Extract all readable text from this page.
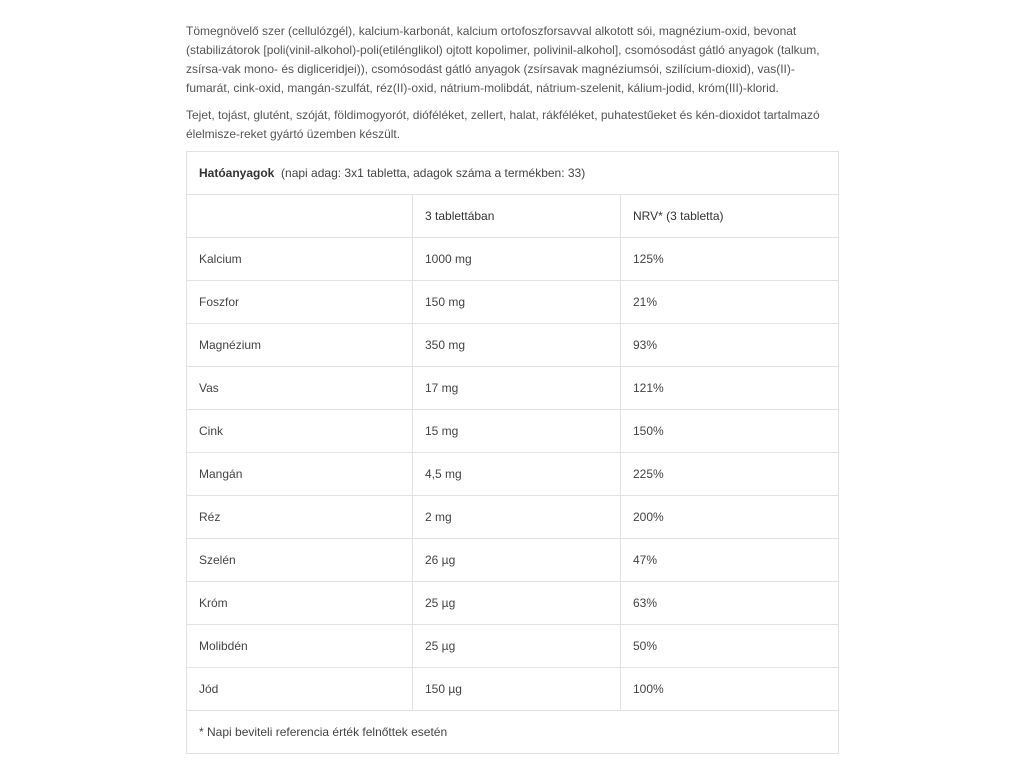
Tömegnövelő szer (cellulózgél), kalcium-karbonát, kalcium ortofoszforsavval alkotott sói, magnézium-oxid, bevonat (stabilizátorok [poli(vinil-alkohol)-poli(etilénglikol) ojtott kopolimer, polivinil-alkohol], csomósodást gátló anyagok (talkum, zsírsa-vak mono- és digliceridjei)), csomósodást gátló anyagok (zsírsavak magnéziumsói, szilícium-dioxid), vas(II)-fumarát, cink-oxid, mangán-szulfát, réz(II)-oxid, nátrium-molibdát, nátrium-szelenit, kálium-jodid, króm(III)-klorid.

Tejet, tojást, glutént, szóját, földimogyorót, dióféléket, zellert, halat, rákféléket, puhatestűeket és kén-dioxidot tartalmazó élelmisze-reket gyártó üzemben készült.

Hatóanyagok (napi adag: 3x1 tabletta, adagok száma a termékben: 33)		
	3 tablettában	NRV* (3 tabletta)
Kalcium	1000 mg	125%
Foszfor	150 mg	21%
Magnézium	350 mg	93%
Vas	17 mg	121%
Cink	15 mg	150%
Mangán	4,5 mg	225%
Réz	2 mg	200%
Szelén	26 µg	47%
Króm	25 µg	63%
Molibdén	25 µg	50%
Jód	150 µg	100%
* Napi beviteli referencia érték felnőttek esetén		
